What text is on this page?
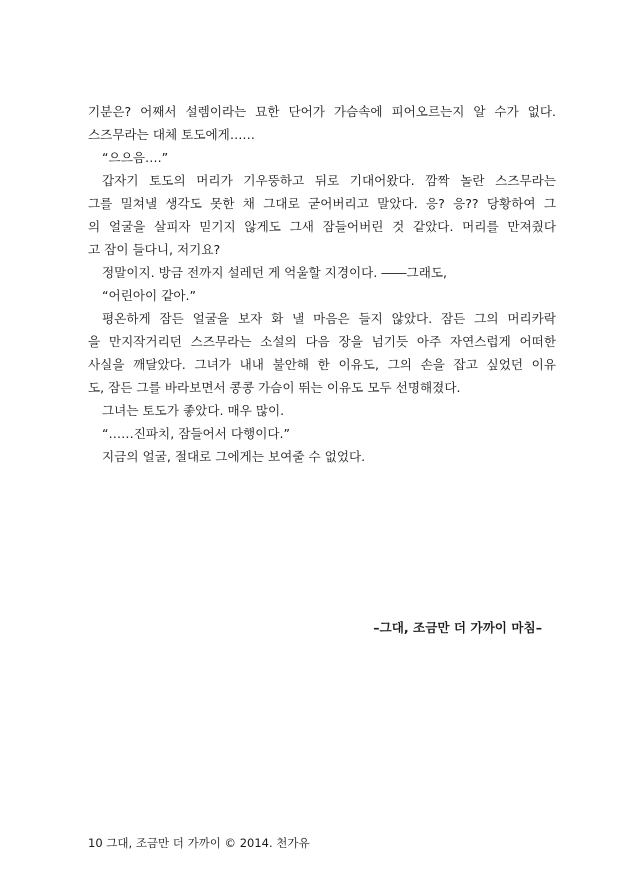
기분은? 어째서 설렘이라는 묘한 단어가 가슴속에 피어오르는지 알 수가 없다.
스즈무라는 대체 토도에게……
“으으음….”
갑자기 토도의 머리가 기우뚱하고 뒤로 기대어왔다. 깜짝 놀란 스즈무라는
그를 밀쳐낼 생각도 못한 채 그대로 굳어버리고 말았다. 응? 응?? 당황하여 그
의 얼굴을 살피자 믿기지 않게도 그새 잠들어버린 것 같았다. 머리를 만져줬다
고 잠이 들다니, 저기요?
정말이지. 방금 전까지 설레던 게 억울할 지경이다. ――그래도,
“어린아이 같아.”
평온하게 잠든 얼굴을 보자 화 낼 마음은 들지 않았다. 잠든 그의 머리카락
을 만지작거리던 스즈무라는 소설의 다음 장을 넘기듯 아주 자연스럽게 어떠한
사실을 깨달았다. 그녀가 내내 불안해 한 이유도, 그의 손을 잡고 싶었던 이유
도, 잠든 그를 바라보면서 콩콩 가슴이 뛰는 이유도 모두 선명해졌다.
그녀는 토도가 좋았다. 매우 많이.
“……진파치, 잠들어서 다행이다.”
지금의 얼굴, 절대로 그에게는 보여줄 수 없었다.
–그대, 조금만 더 가까이 마침–
10 그대, 조금만 더 가까이 © 2014. 천가유
